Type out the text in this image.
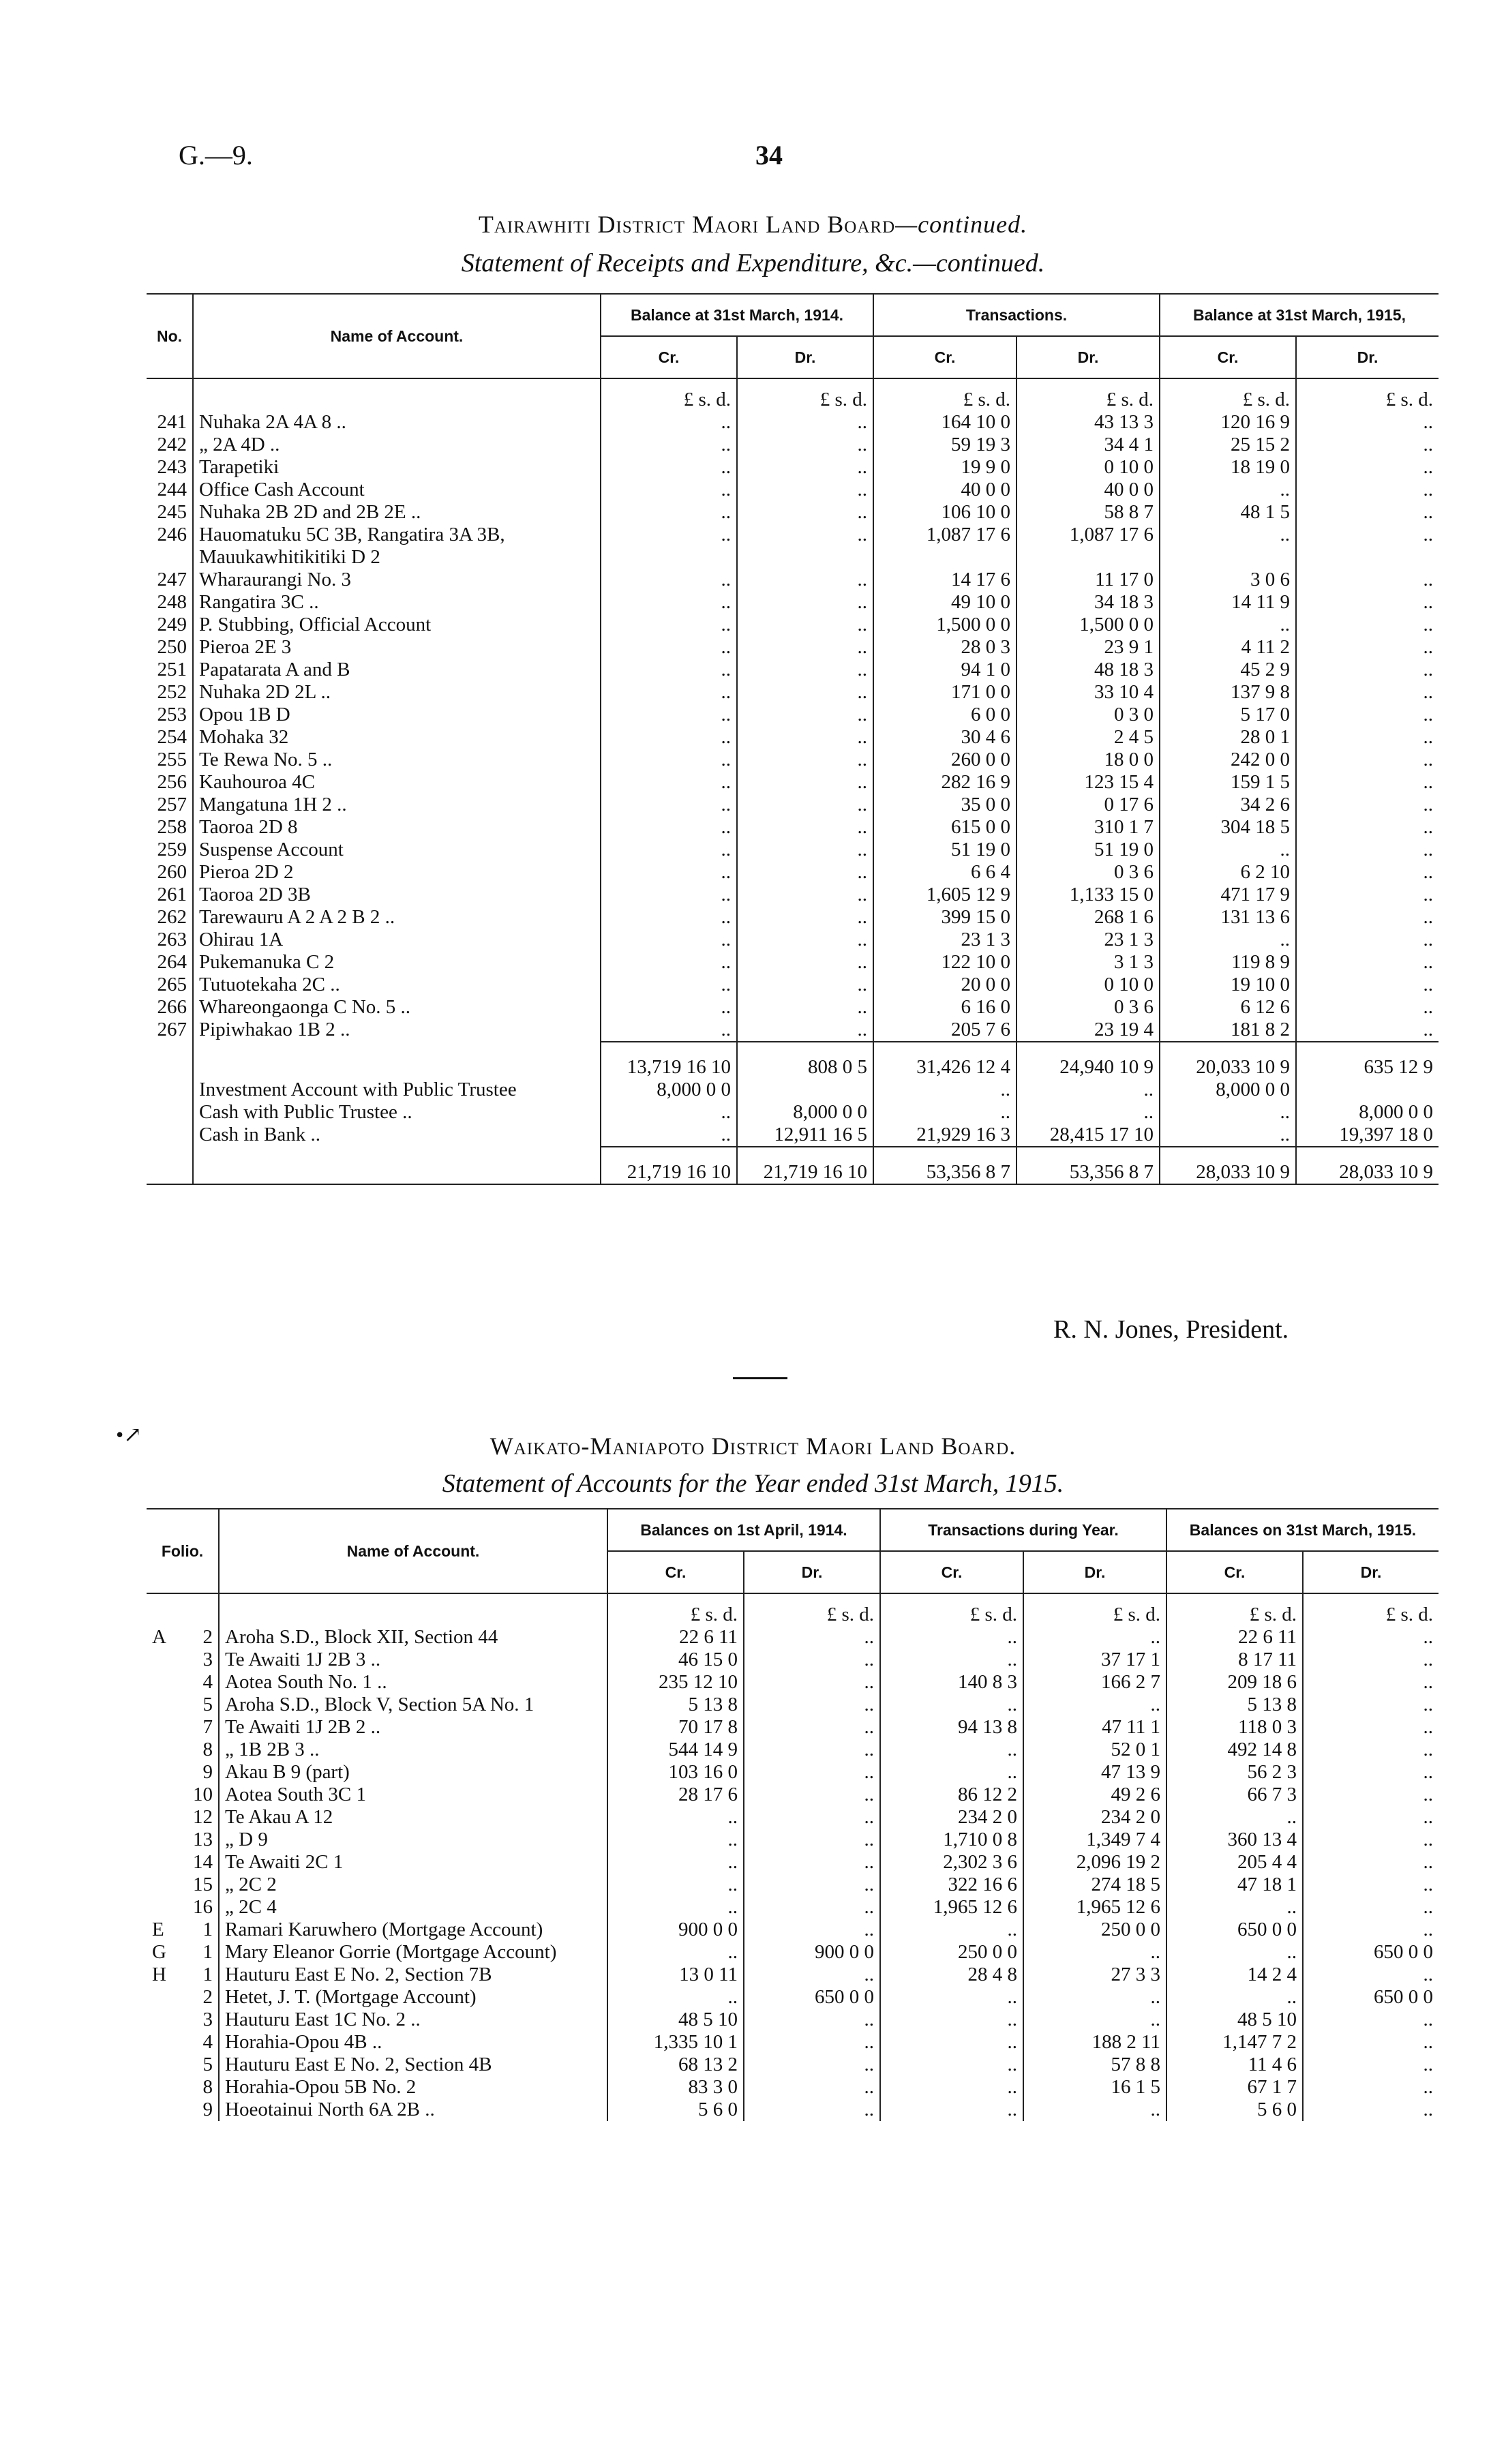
G.—9.	34
Tairawhiti District Maori Land Board—continued.
Statement of Receipts and Expenditure, &c.—continued.
No.	Name of Account.	Balance at 31st March, 1914.		Transactions.		Balance at 31st March, 1915,	
		Cr.	Dr.	Cr.	Dr.	Cr.	Dr.
		£ s. d.	£ s. d.	£ s. d.	£ s. d.	£ s. d.	£ s. d.
241	Nuhaka 2A 4A 8 ..	..	..	164 10 0	43 13 3	120 16 9	..
242	„ 2A 4D ..	..	..	59 19 3	34 4 1	25 15 2	..
243	Tarapetiki	..	..	19 9 0	0 10 0	18 19 0	..
244	Office Cash Account	..	..	40 0 0	40 0 0	..	..
245	Nuhaka 2B 2D and 2B 2E ..	..	..	106 10 0	58 8 7	48 1 5	..
246	Hauomatuku 5C 3B, Rangatira 3A 3B, Mauukawhitikitiki D 2	..	..	1,087 17 6	1,087 17 6	..	..
247	Wharaurangi No. 3	..	..	14 17 6	11 17 0	3 0 6	..
248	Rangatira 3C ..	..	..	49 10 0	34 18 3	14 11 9	..
249	P. Stubbing, Official Account	..	..	1,500 0 0	1,500 0 0	..	..
250	Pieroa 2E 3	..	..	28 0 3	23 9 1	4 11 2	..
251	Papatarata A and B	..	..	94 1 0	48 18 3	45 2 9	..
252	Nuhaka 2D 2L ..	..	..	171 0 0	33 10 4	137 9 8	..
253	Opou 1B D	..	..	6 0 0	0 3 0	5 17 0	..
254	Mohaka 32	..	..	30 4 6	2 4 5	28 0 1	..
255	Te Rewa No. 5 ..	..	..	260 0 0	18 0 0	242 0 0	..
256	Kauhouroa 4C	..	..	282 16 9	123 15 4	159 1 5	..
257	Mangatuna 1H 2 ..	..	..	35 0 0	0 17 6	34 2 6	..
258	Taoroa 2D 8	..	..	615 0 0	310 1 7	304 18 5	..
259	Suspense Account	..	..	51 19 0	51 19 0	..	..
260	Pieroa 2D 2	..	..	6 6 4	0 3 6	6 2 10	..
261	Taoroa 2D 3B	..	..	1,605 12 9	1,133 15 0	471 17 9	..
262	Tarewauru A 2 A 2 B 2 ..	..	..	399 15 0	268 1 6	131 13 6	..
263	Ohirau 1A	..	..	23 1 3	23 1 3	..	..
264	Pukemanuka C 2	..	..	122 10 0	3 1 3	119 8 9	..
265	Tutuotekaha 2C ..	..	..	20 0 0	0 10 0	19 10 0	..
266	Whareongaonga C No. 5 ..	..	..	6 16 0	0 3 6	6 12 6	..
267	Pipiwhakao 1B 2 ..	..	..	205 7 6	23 19 4	181 8 2	..
		13,719 16 10	808 0 5	31,426 12 4	24,940 10 9	20,033 10 9	635 12 9
	Investment Account with Public Trustee	8,000 0 0		..	..	8,000 0 0	
	Cash with Public Trustee ..	..	8,000 0 0	..	..	..	8,000 0 0
	Cash in Bank ..	..	12,911 16 5	21,929 16 3	28,415 17 10	..	19,397 18 0
		21,719 16 10	21,719 16 10	53,356 8 7	53,356 8 7	28,033 10 9	28,033 10 9
R. N. Jones, President.
•↗	Waikato-Maniapoto District Maori Land Board.
Statement of Accounts for the Year ended 31st March, 1915.
Folio.		Name of Account.	Balances on 1st April, 1914.		Transactions during Year.		Balances on 31st March, 1915.	
			Cr.	Dr.	Cr.	Dr.	Cr.	Dr.
			£ s. d.	£ s. d.	£ s. d.	£ s. d.	£ s. d.	£ s. d.
A	2	Aroha S.D., Block XII, Section 44	22 6 11	..	..	..	22 6 11	..
	3	Te Awaiti 1J 2B 3 ..	46 15 0	..	..	37 17 1	8 17 11	..
	4	Aotea South No. 1 ..	235 12 10	..	140 8 3	166 2 7	209 18 6	..
	5	Aroha S.D., Block V, Section 5A No. 1	5 13 8	..	..	..	5 13 8	..
	7	Te Awaiti 1J 2B 2 ..	70 17 8	..	94 13 8	47 11 1	118 0 3	..
	8	„ 1B 2B 3 ..	544 14 9	..	..	52 0 1	492 14 8	..
	9	Akau B 9 (part)	103 16 0	..	..	47 13 9	56 2 3	..
	10	Aotea South 3C 1	28 17 6	..	86 12 2	49 2 6	66 7 3	..
	12	Te Akau A 12	..	..	234 2 0	234 2 0	..	..
	13	„ D 9	..	..	1,710 0 8	1,349 7 4	360 13 4	..
	14	Te Awaiti 2C 1	..	..	2,302 3 6	2,096 19 2	205 4 4	..
	15	„ 2C 2	..	..	322 16 6	274 18 5	47 18 1	..
	16	„ 2C 4	..	..	1,965 12 6	1,965 12 6	..	..
E	1	Ramari Karuwhero (Mortgage Account)	900 0 0	..	..	250 0 0	650 0 0	..
G	1	Mary Eleanor Gorrie (Mortgage Account)	..	900 0 0	250 0 0	..	..	650 0 0
H	1	Hauturu East E No. 2, Section 7B	13 0 11	..	28 4 8	27 3 3	14 2 4	..
	2	Hetet, J. T. (Mortgage Account)	..	650 0 0	..	..	..	650 0 0
	3	Hauturu East 1C No. 2 ..	48 5 10	..	..	..	48 5 10	..
	4	Horahia-Opou 4B ..	1,335 10 1	..	..	188 2 11	1,147 7 2	..
	5	Hauturu East E No. 2, Section 4B	68 13 2	..	..	57 8 8	11 4 6	..
	8	Horahia-Opou 5B No. 2	83 3 0	..	..	16 1 5	67 1 7	..
	9	Hoeotainui North 6A 2B ..	5 6 0	..	..	..	5 6 0	..
